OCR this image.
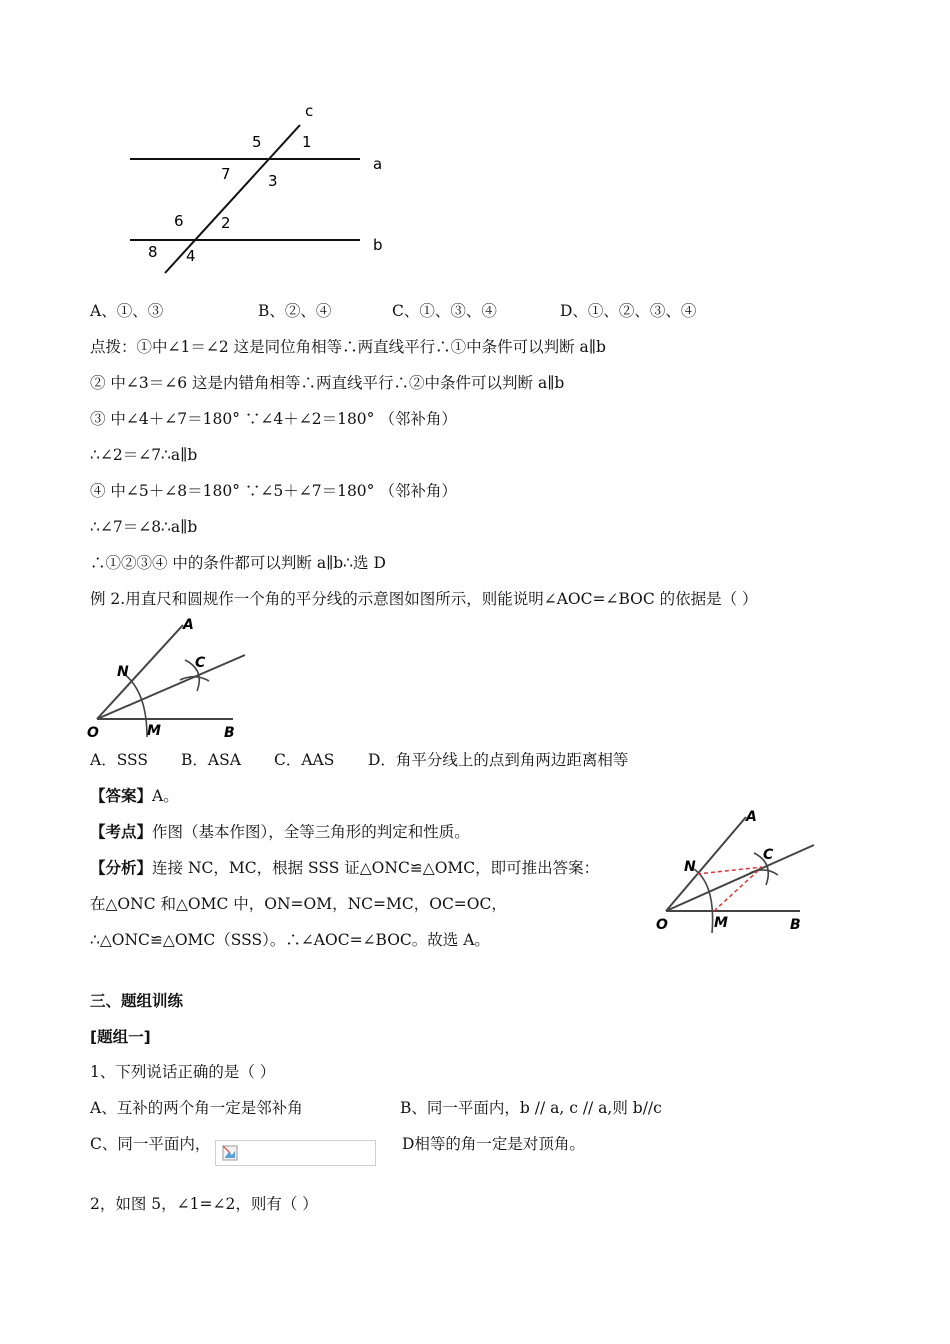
c
a
b
5	1
7 3
6 2
8 4
A、①、③	B、②、④	C、①、③、④	D、①、②、③、④
点拨：①中∠1＝∠2 这是同位角相等∴两直线平行∴①中条件可以判断 a∥b
② 中∠3＝∠6 这是内错角相等∴两直线平行∴②中条件可以判断 a∥b
③ 中∠4＋∠7＝180° ∵∠4＋∠2＝180° （邻补角）
∴∠2＝∠7∴a∥b
④ 中∠5＋∠8＝180° ∵∠5＋∠7＝180° （邻补角）
∴∠7＝∠8∴a∥b
∴①②③④ 中的条件都可以判断 a∥b∴选 D
例 2.用直尺和圆规作一个角的平分线的示意图如图所示，则能说明∠AOC=∠BOC 的依据是（ ）
A
N
C
O	M	B
A．SSS B．ASA C．AAS D．角平分线上的点到角两边距离相等
【答案】A。
【考点】作图（基本作图），全等三角形的判定和性质。
【分析】连接 NC，MC，根据 SSS 证△ONC≌△OMC，即可推出答案：
在△ONC 和△OMC 中，ON=OM，NC=MC，OC=OC，
∴△ONC≌△OMC（SSS）。∴∠AOC=∠BOC。故选 A。
A
N
C
O	M	B
三、题组训练
[题组一]
1、下列说话正确的是（ ）
A、互补的两个角一定是邻补角	B、同一平面内，b // a, c // a,则 b//c
C、同一平面内，	D相等的角一定是对顶角。
2，如图 5，∠1=∠2，则有（ ）
